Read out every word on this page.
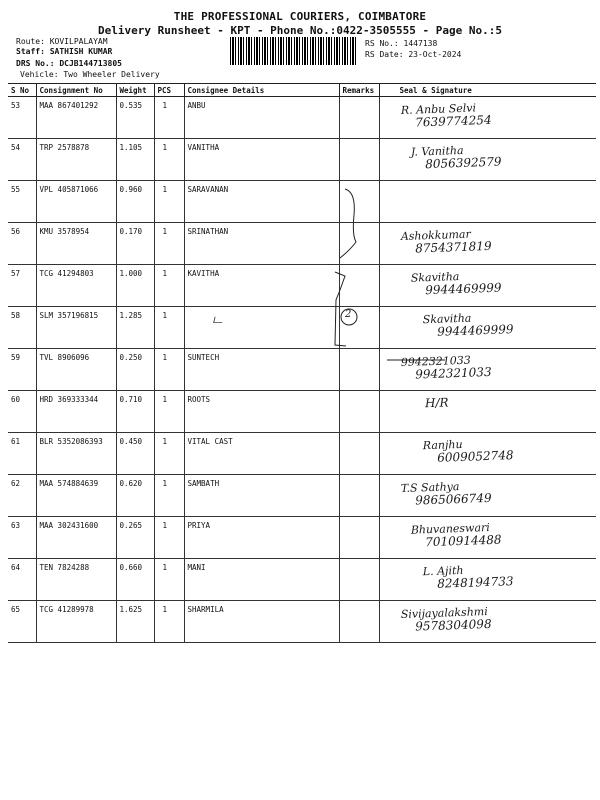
THE PROFESSIONAL COURIERS, COIMBATORE
Delivery Runsheet - KPT - Phone No.:0422-3505555 - Page No.:5
Route: KOVILPALAYAM
Staff: SATHISH KUMAR
DRS No.: DCJB144713805
Vehicle: Two Wheeler Delivery
RS No.: 1447138
RS Date: 23-Oct-2024
S No	Consignment No	Weight	PCS	Consignee Details	Remarks	Seal & Signature
53	MAA 867401292	0.535	1	ANBU		R. Anbu Selvi
7639774254

54	TRP 2578878	1.105	1	VANITHA		J. Vanitha
8056392579

55	VPL 405871066	0.960	1	SARAVANAN		

56	KMU 3578954	0.170	1	SRINATHAN		Ashokkumar
8754371819

57	TCG 41294803	1.000	1	KAVITHA		Skavitha
9944469999

58	SLM 357196815	1.285	1			Skavitha
9944469999

59	TVL 8906096	0.250	1	SUNTECH		9942321033
9942321033

60	HRD 369333344	0.710	1	ROOTS		H/R

61	BLR 5352086393	0.450	1	VITAL CAST		Ranjhu
6009052748

62	MAA 574884639	0.620	1	SAMBATH		T.S Sathya
9865066749

63	MAA 302431600	0.265	1	PRIYA		Bhuvaneswari
7010914488

64	TEN 7824288	0.660	1	MANI		L. Ajith
8248194733

65	TCG 41289978	1.625	1	SHARMILA		Sivijayalakshmi
9578304098
2
ட
